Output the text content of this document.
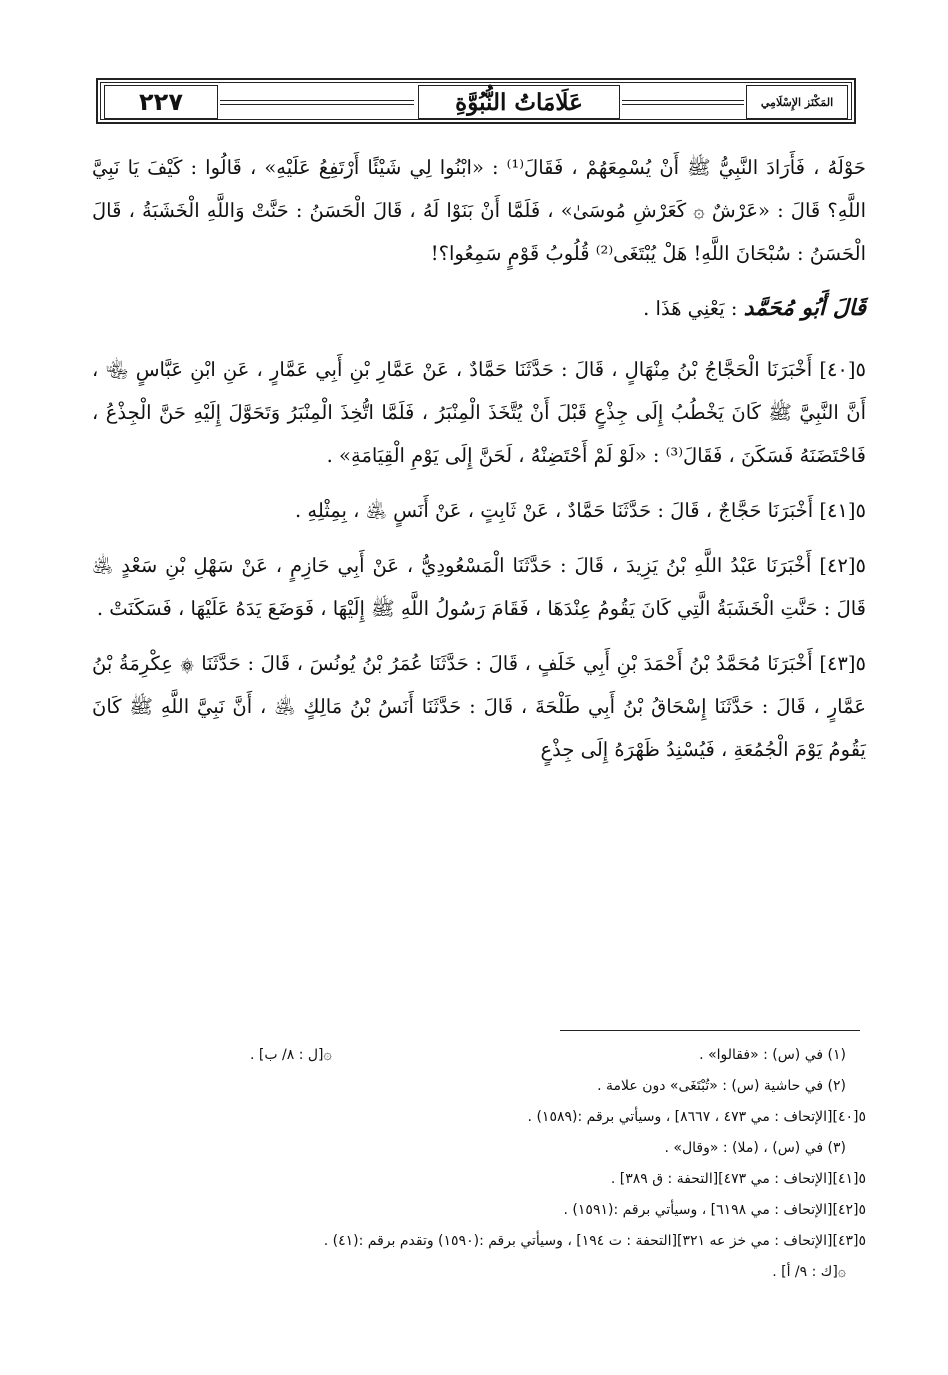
٢٢٧	عَلَامَاتُ النُّبُوَّةِ	المَكْنَز الإِسْلَامِي

حَوْلَهُ ، فَأَرَادَ النَّبِيُّ ﷺ أَنْ يُسْمِعَهُمْ ، فَقَالَ⁽¹⁾ : «ابْنُوا لِي شَيْئًا أَرْتَفِعُ عَلَيْهِ» ، قَالُوا : كَيْفَ يَا نَبِيَّ اللَّهِ؟ قَالَ : «عَرْشٌ ۞ كَعَرْشِ مُوسَىٰ» ، فَلَمَّا أَنْ بَنَوْا لَهُ ، قَالَ الْحَسَنُ : حَنَّتْ وَاللَّهِ الْخَشَبَةُ ، قَالَ الْحَسَنُ : سُبْحَانَ اللَّهِ! هَلْ يُبْتَغَى⁽²⁾ قُلُوبُ قَوْمٍ سَمِعُوا؟!

قَالَ أَبُو مُحَمَّد : يَعْنِي هَذَا .

٥[٤٠] أَخْبَرَنَا الْحَجَّاجُ بْنُ مِنْهَالٍ ، قَالَ : حَدَّثَنَا حَمَّادٌ ، عَنْ عَمَّارِ بْنِ أَبِي عَمَّارٍ ، عَنِ ابْنِ عَبَّاسٍ ﵄ ، أَنَّ النَّبِيَّ ﷺ كَانَ يَخْطُبُ إِلَى جِذْعٍ قَبْلَ أَنْ يُتَّخَذَ الْمِنْبَرُ ، فَلَمَّا اتُّخِذَ الْمِنْبَرُ وَتَحَوَّلَ إِلَيْهِ حَنَّ الْجِذْعُ ، فَاحْتَضَنَهُ فَسَكَنَ ، فَقَالَ⁽³⁾ : «لَوْ لَمْ أَحْتَضِنْهُ ، لَحَنَّ إِلَى يَوْمِ الْقِيَامَةِ» .

٥[٤١] أَخْبَرَنَا حَجَّاجٌ ، قَالَ : حَدَّثَنَا حَمَّادٌ ، عَنْ ثَابِتٍ ، عَنْ أَنَسٍ ﵁ ، بِمِثْلِهِ .

٥[٤٢] أَخْبَرَنَا عَبْدُ اللَّهِ بْنُ يَزِيدَ ، قَالَ : حَدَّثَنَا الْمَسْعُودِيُّ ، عَنْ أَبِي حَازِمٍ ، عَنْ سَهْلِ بْنِ سَعْدٍ ﵁ قَالَ : حَنَّتِ الْخَشَبَةُ الَّتِي كَانَ يَقُومُ عِنْدَهَا ، فَقَامَ رَسُولُ اللَّهِ ﷺ إِلَيْهَا ، فَوَضَعَ يَدَهُ عَلَيْهَا ، فَسَكَنَتْ .

٥[٤٣] أَخْبَرَنَا مُحَمَّدُ بْنُ أَحْمَدَ بْنِ أَبِي خَلَفٍ ، قَالَ : حَدَّثَنَا عُمَرُ بْنُ يُونُسَ ، قَالَ : حَدَّثَنَا ۞ عِكْرِمَةُ بْنُ عَمَّارٍ ، قَالَ : حَدَّثَنَا إِسْحَاقُ بْنُ أَبِي طَلْحَةَ ، قَالَ : حَدَّثَنَا أَنَسُ بْنُ مَالِكٍ ﵁ ، أَنَّ نَبِيَّ اللَّهِ ﷺ كَانَ يَقُومُ يَوْمَ الْجُمُعَةِ ، فَيُسْنِدُ ظَهْرَهُ إِلَى جِذْعٍ

(١) في (س) : «فقالوا» .
۞[ل : ٨/ ب] .
(٢) في حاشية (س) : «تُبْتَغَى» دون علامة .
٥[٤٠][الإتحاف : مي ٤٧٣ ، ٨٦٦٧] ، وسيأتي برقم :(١٥٨٩) .
(٣) في (س) ، (ملا) : «وقال» .
٥[٤١][الإتحاف : مي ٤٧٣][التحفة : ق ٣٨٩] .
٥[٤٢][الإتحاف : مي ٦١٩٨] ، وسيأتي برقم :(١٥٩١) .
٥[٤٣][الإتحاف : مي خز عه ٣٢١][التحفة : ت ١٩٤] ، وسيأتي برقم :(١٥٩٠) وتقدم برقم :(٤١) .
۞[ك : ٩/ أ] .
